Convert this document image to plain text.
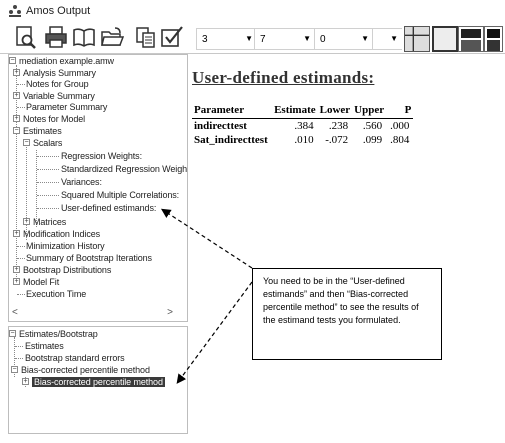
Amos Output
3	▼ 7	▼ 0	▼	▼
− mediation example.amw
+ Analysis Summary
Notes for Group
+ Variable Summary
Parameter Summary
+ Notes for Model
− Estimates
− Scalars
Regression Weights:
Standardized Regression Weigh
Variances:
Squared Multiple Correlations:
User-defined estimands:
+ Matrices
+ Modification Indices
Minimization History
Summary of Bootstrap Iterations
+ Bootstrap Distributions
+ Model Fit
Execution Time
<	>
− Estimates/Bootstrap
Estimates
Bootstrap standard errors
− Bias-corrected percentile method
+ Bias-corrected percentile method
User-defined estimands:
Parameter	Estimate	Lower	Upper	P
indirecttest	.384	.238	.560	.000
Sat_indirecttest	.010	-.072	.099	.804
You need to be in the “User-defined estimands” and then “Bias-corrected percentile method” to see the results of the estimand tests you formulated.
